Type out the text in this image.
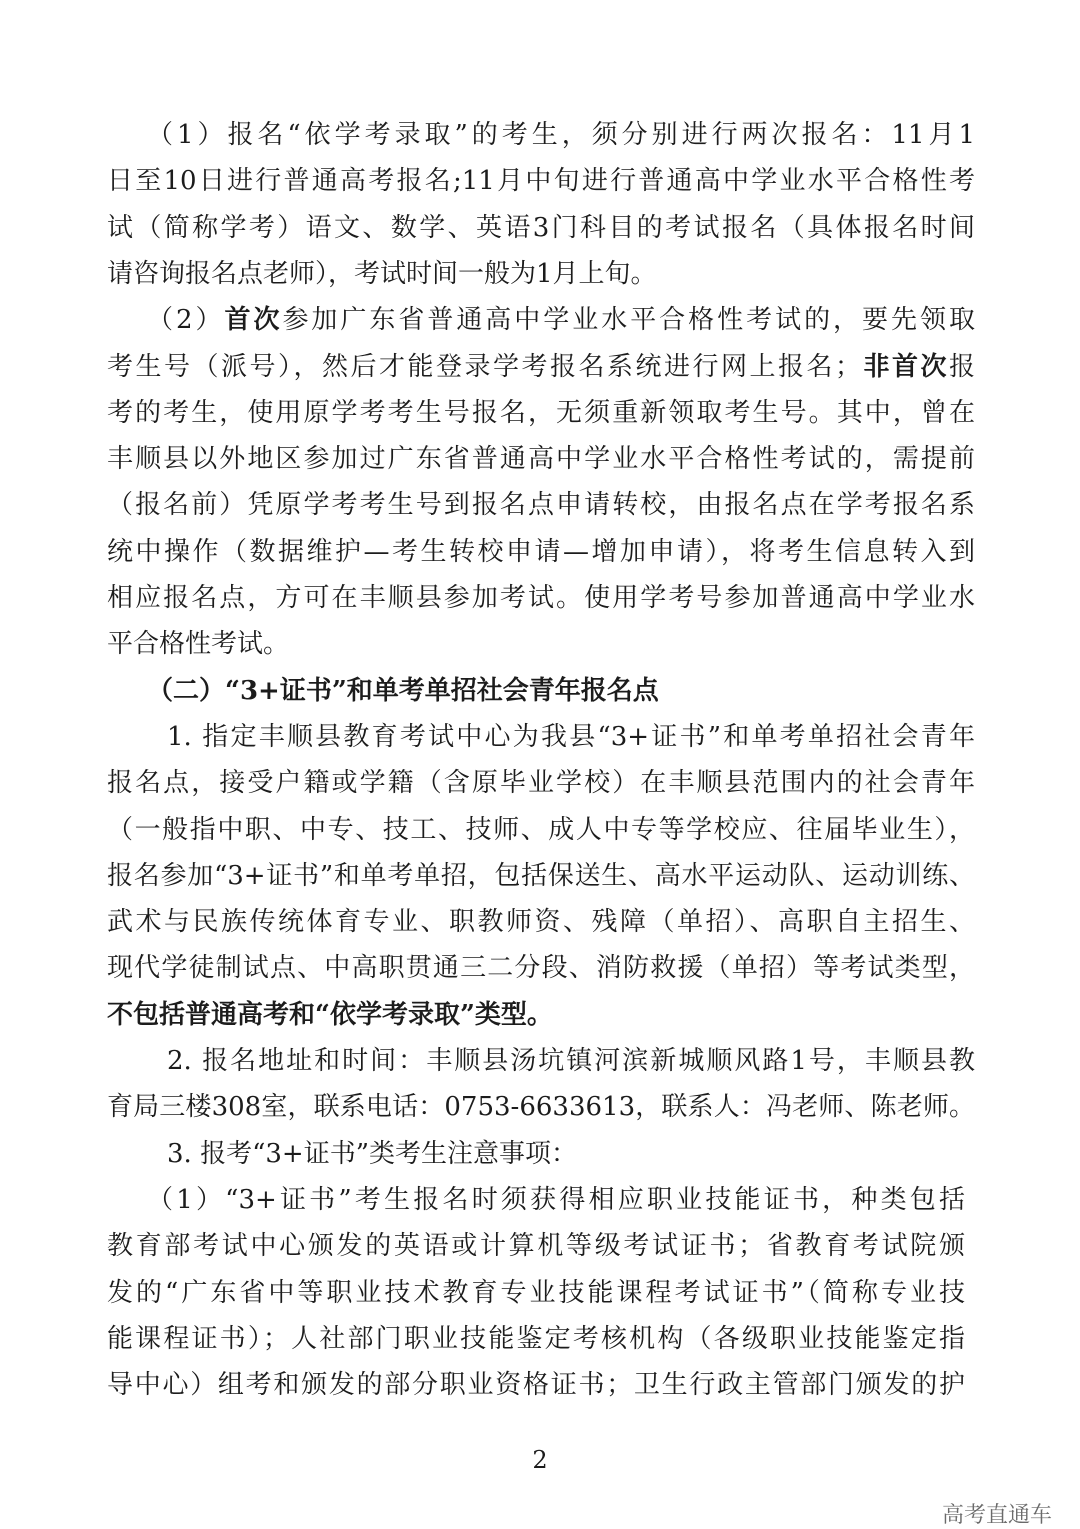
（1）报名“依学考录取”的考生，须分别进行两次报名：11月1
日至10日进行普通高考报名;11月中旬进行普通高中学业水平合格性考
试（简称学考）语文、数学、英语3门科目的考试报名（具体报名时间
请咨询报名点老师），考试时间一般为1月上旬。
（2）首次参加广东省普通高中学业水平合格性考试的，要先领取
考生号（派号），然后才能登录学考报名系统进行网上报名；非首次报
考的考生，使用原学考考生号报名，无须重新领取考生号。其中，曾在
丰顺县以外地区参加过广东省普通高中学业水平合格性考试的，需提前
（报名前）凭原学考考生号到报名点申请转校，由报名点在学考报名系
统中操作（数据维护—考生转校申请—增加申请），将考生信息转入到
相应报名点，方可在丰顺县参加考试。使用学考号参加普通高中学业水
平合格性考试。
（二）“3+证书”和单考单招社会青年报名点
1. 指定丰顺县教育考试中心为我县“3+证书”和单考单招社会青年
报名点，接受户籍或学籍（含原毕业学校）在丰顺县范围内的社会青年
（一般指中职、中专、技工、技师、成人中专等学校应、往届毕业生），
报名参加“3+证书”和单考单招，包括保送生、高水平运动队、运动训练、
武术与民族传统体育专业、职教师资、残障（单招）、高职自主招生、
现代学徒制试点、中高职贯通三二分段、消防救援（单招）等考试类型，
不包括普通高考和“依学考录取”类型。
2. 报名地址和时间：丰顺县汤坑镇河滨新城顺风路1号，丰顺县教
育局三楼308室，联系电话：0753-6633613，联系人：冯老师、陈老师。
3. 报考“3+证书”类考生注意事项：
（1）“3+证书”考生报名时须获得相应职业技能证书，种类包括
教育部考试中心颁发的英语或计算机等级考试证书；省教育考试院颁
发的“广东省中等职业技术教育专业技能课程考试证书”（简称专业技
能课程证书）；人社部门职业技能鉴定考核机构（各级职业技能鉴定指
导中心）组考和颁发的部分职业资格证书；卫生行政主管部门颁发的护
2
高考直通车
